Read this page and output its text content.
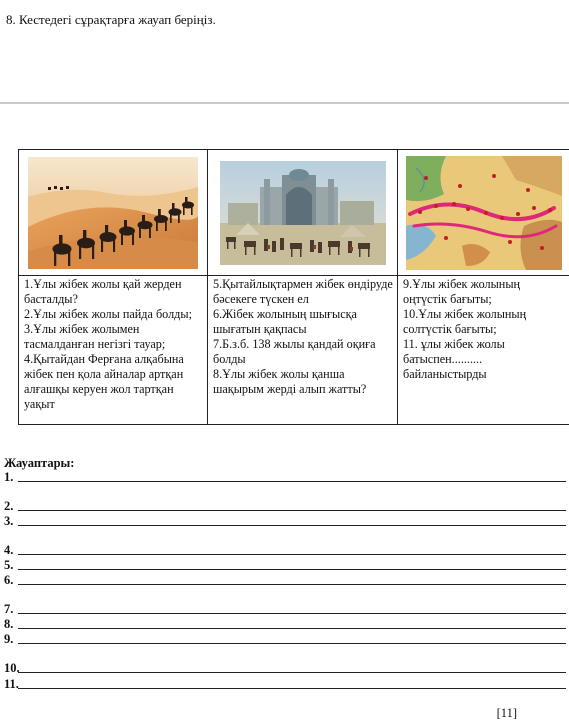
8. Кестедегі сұрақтарға жауап беріңіз.
1.Ұлы жібек жолы қай жерден басталды?
2.Ұлы жібек жолы пайда болды;
3.Ұлы жібек жолымен тасмалданған негізгі тауар;
4.Қытайдан Ферғана алқабына жібек пен қола айналар артқан алғашқы керуен жол тартқан уақыт
5.Қытайлықтармен жібек өндіруде бәсекеге түскен ел
6.Жібек жолының шығысқа шығатын қақпасы
7.Б.з.б. 138 жылы қандай оқиға болды
8.Ұлы жібек жолы қанша шақырым жерді алып жатты?
9.Ұлы жібек жолының оңтүстік бағыты;
10.Ұлы жібек жолының солтүстік бағыты;
11. ұлы жібек жолы батыспен.......... байланыстырды
Жауаптары:
1.
2.
3.
4.
5.
6.
7.
8.
9.
10.
11.
[11]
